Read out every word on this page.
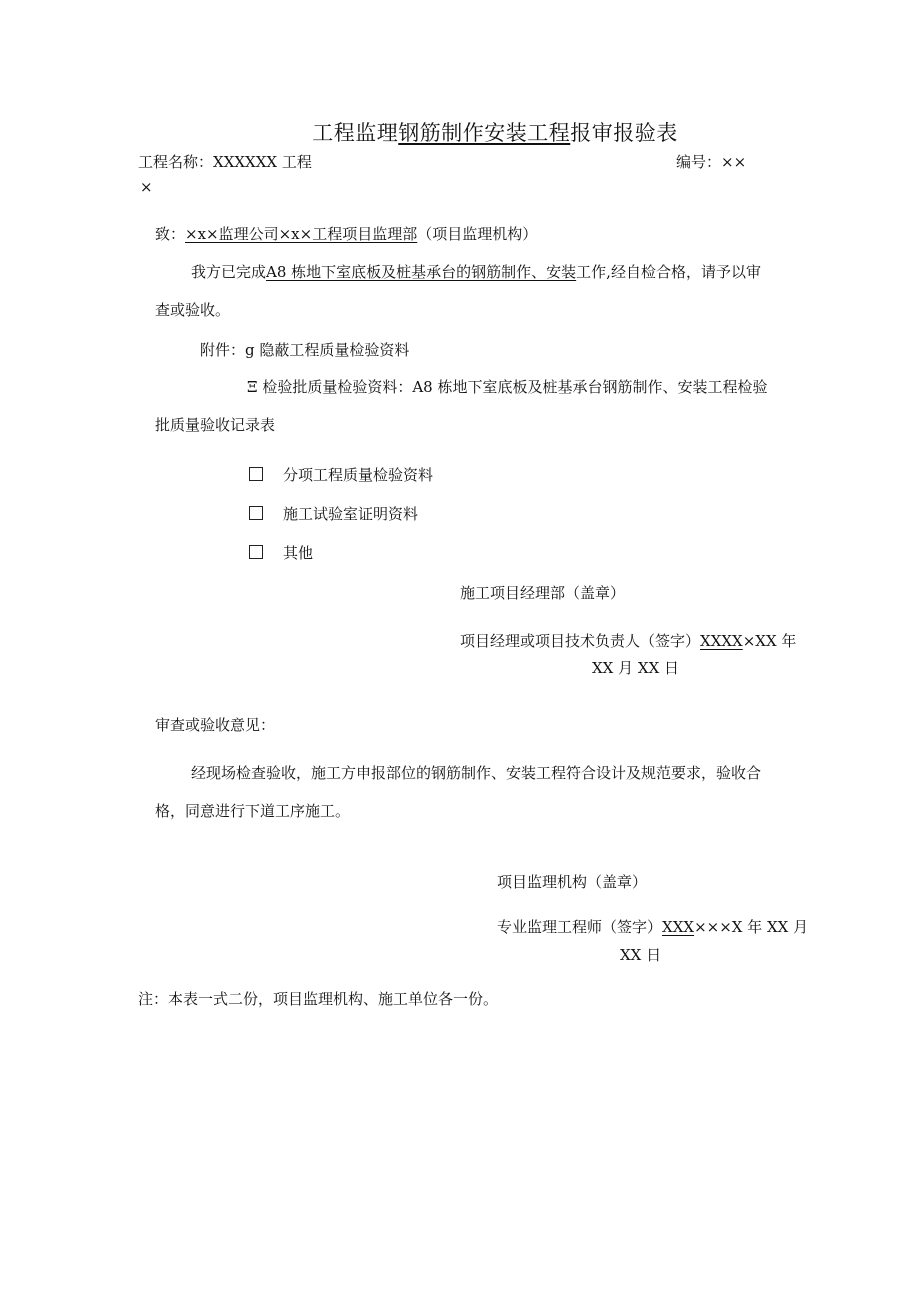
工程监理钢筋制作安装工程报审报验表
工程名称：XXXXXX 工程	编号：××
×
致：×x×监理公司×x×工程项目监理部（项目监理机构）
我方已完成A8 栋地下室底板及桩基承台的钢筋制作、安装工作,经自检合格，请予以审
查或验收。
附件：g 隐蔽工程质量检验资料
Ξ 检验批质量检验资料：A8 栋地下室底板及桩基承台钢筋制作、安装工程检验
批质量验收记录表
分项工程质量检验资料
施工试验室证明资料
其他
施工项目经理部（盖章）
项目经理或项目技术负责人（签字）XXXX×XX 年
XX 月 XX 日
审查或验收意见：
经现场检查验收，施工方申报部位的钢筋制作、安装工程符合设计及规范要求，验收合
格，同意进行下道工序施工。
项目监理机构（盖章）
专业监理工程师（签字）XXX×××X 年 XX 月
XX 日
注：本表一式二份，项目监理机构、施工单位各一份。
